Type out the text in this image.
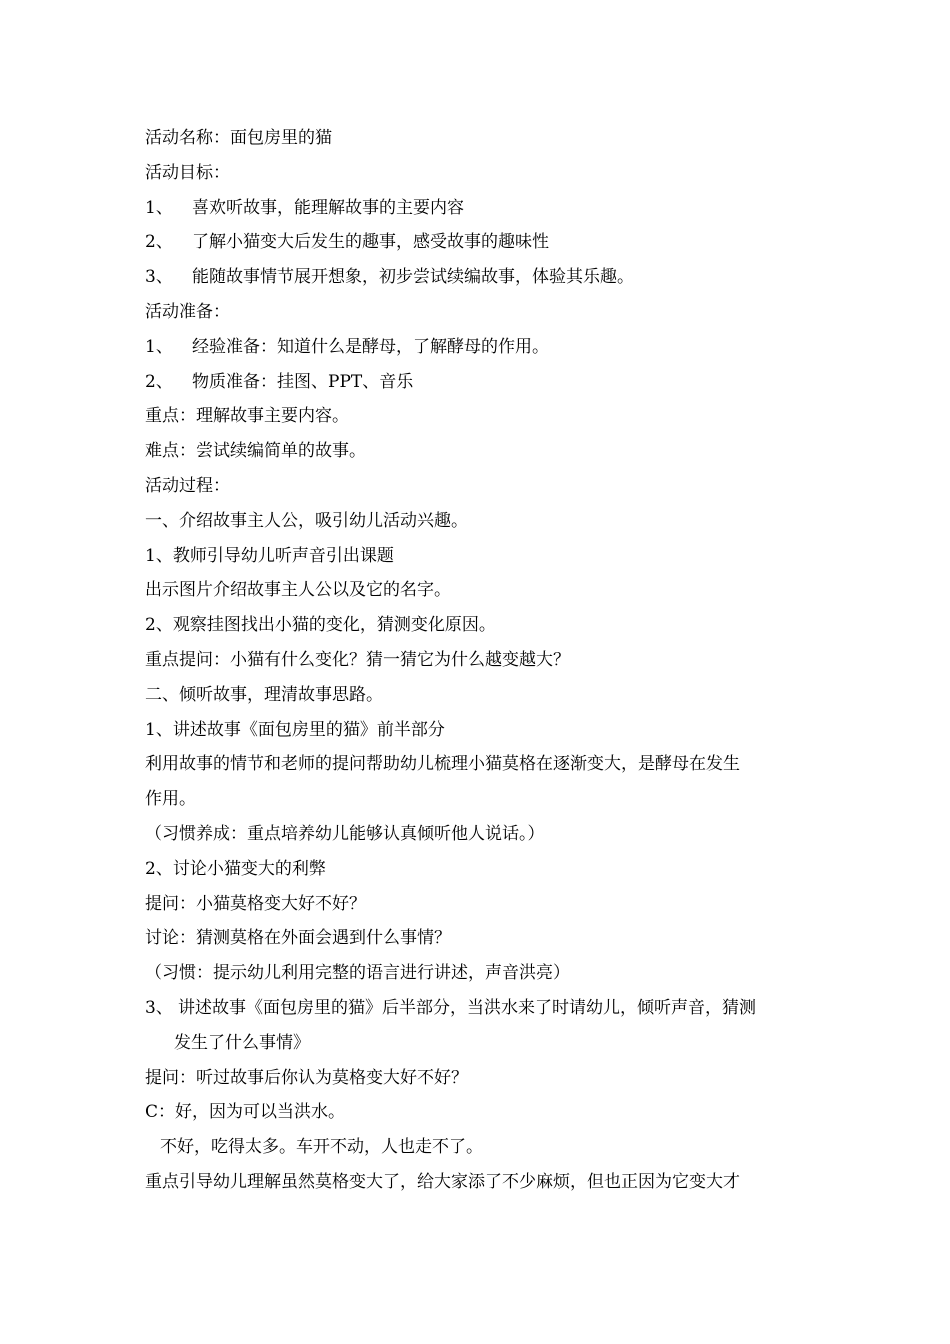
活动名称：面包房里的猫
活动目标：
1、 喜欢听故事，能理解故事的主要内容
2、 了解小猫变大后发生的趣事，感受故事的趣味性
3、 能随故事情节展开想象，初步尝试续编故事，体验其乐趣。
活动准备：
1、 经验准备：知道什么是酵母，了解酵母的作用。
2、 物质准备：挂图、PPT、音乐
重点：理解故事主要内容。
难点：尝试续编简单的故事。
活动过程：
一、介绍故事主人公，吸引幼儿活动兴趣。
1、教师引导幼儿听声音引出课题
出示图片介绍故事主人公以及它的名字。
2、观察挂图找出小猫的变化，猜测变化原因。
重点提问：小猫有什么变化？猜一猜它为什么越变越大？
二、倾听故事，理清故事思路。
1、讲述故事《面包房里的猫》前半部分
利用故事的情节和老师的提问帮助幼儿梳理小猫莫格在逐渐变大，是酵母在发生
作用。
（习惯养成：重点培养幼儿能够认真倾听他人说话。）
2、讨论小猫变大的利弊
提问：小猫莫格变大好不好？
讨论：猜测莫格在外面会遇到什么事情？
（习惯：提示幼儿利用完整的语言进行讲述，声音洪亮）
3、 讲述故事《面包房里的猫》后半部分，当洪水来了时请幼儿，倾听声音，猜测
发生了什么事情》
提问：听过故事后你认为莫格变大好不好？
C：好，因为可以当洪水。
不好，吃得太多。车开不动，人也走不了。
重点引导幼儿理解虽然莫格变大了，给大家添了不少麻烦，但也正因为它变大才
